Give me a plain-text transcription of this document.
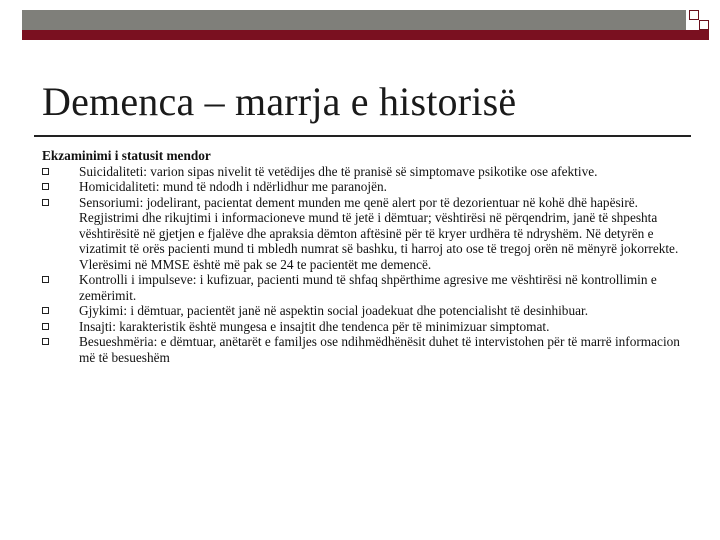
Demenca – marrja e historisë

Ekzaminimi i statusit mendor

Suicidaliteti: varion sipas nivelit të vetëdijes dhe të pranisë së simptomave psikotike ose afektive.
Homicidaliteti: mund të ndodh i ndërlidhur me paranojën.
Sensoriumi: jodelirant, pacientat dement munden me qenë alert por të dezorientuar në kohë dhë hapësirë. Regjistrimi dhe rikujtimi i informacioneve mund të jetë i dëmtuar; vështirësi në përqendrim, janë të shpeshta vështirësitë në gjetjen e fjalëve dhe apraksia dëmton aftësinë për të kryer urdhëra të ndryshëm. Në detyrën e vizatimit të orës pacienti mund ti mbledh numrat së bashku, ti harroj ato ose të tregoj orën në mënyrë jokorrekte. Vlerësimi në MMSE është më pak se 24 te pacientët me demencë.
Kontrolli i impulseve: i kufizuar, pacienti mund të shfaq shpërthime agresive me vështirësi në kontrollimin e zemërimit.
Gjykimi: i dëmtuar, pacientët janë në aspektin social joadekuat dhe potencialisht të desinhibuar.
Insajti: karakteristik është mungesa e insajtit dhe tendenca për të minimizuar simptomat.
Besueshmëria: e dëmtuar, anëtarët e familjes ose ndihmëdhënësit duhet të intervistohen për të marrë informacion më të besueshëm
